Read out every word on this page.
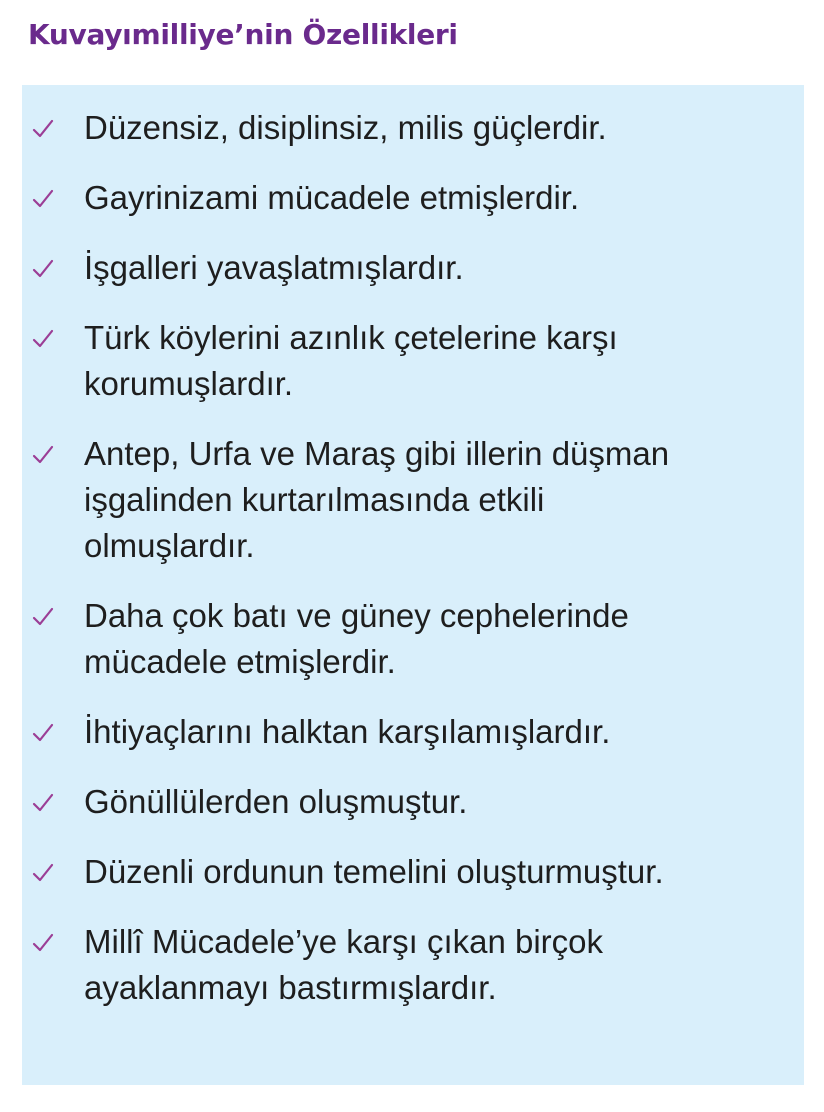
Kuvayımilliye’nin Özellikleri
Düzensiz, disiplinsiz, milis güçlerdir.
Gayrinizami mücadele etmişlerdir.
İşgalleri yavaşlatmışlardır.
Türk köylerini azınlık çetelerine karşı
korumuşlardır.
Antep, Urfa ve Maraş gibi illerin düşman
işgalinden kurtarılmasında etkili
olmuşlardır.
Daha çok batı ve güney cephelerinde
mücadele etmişlerdir.
İhtiyaçlarını halktan karşılamışlardır.
Gönüllülerden oluşmuştur.
Düzenli ordunun temelini oluşturmuştur.
Millî Mücadele’ye karşı çıkan birçok
ayaklanmayı bastırmışlardır.
